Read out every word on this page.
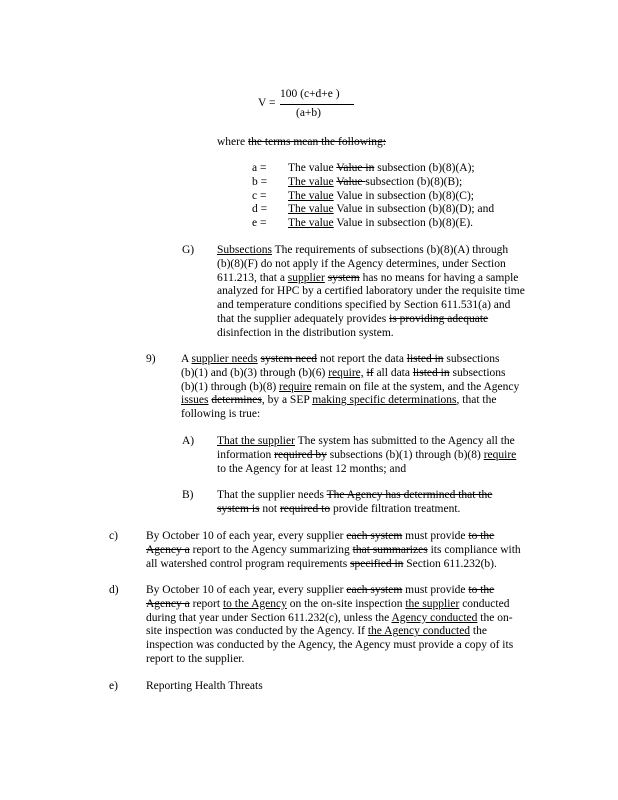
V =
100 (c+d+e )
(a+b)
where the terms mean the following:
a = The value Value in subsection (b)(8)(A);
b = The value Value subsection (b)(8)(B);
c = The value Value in subsection (b)(8)(C);
d = The value Value in subsection (b)(8)(D); and
e = The value Value in subsection (b)(8)(E).
G) Subsections The requirements of subsections (b)(8)(A) through
(b)(8)(F) do not apply if the Agency determines, under Section
611.213, that a supplier system has no means for having a sample
analyzed for HPC by a certified laboratory under the requisite time
and temperature conditions specified by Section 611.531(a) and
that the supplier adequately provides is providing adequate
disinfection in the distribution system.
9) A supplier needs system need not report the data listed in subsections
(b)(1) and (b)(3) through (b)(6) require, if all data listed in subsections
(b)(1) through (b)(8) require remain on file at the system, and the Agency
issues determines, by a SEP making specific determinations, that the
following is true:
A) That the supplier The system has submitted to the Agency all the
information required by subsections (b)(1) through (b)(8) require
to the Agency for at least 12 months; and
B) That the supplier needs The Agency has determined that the
system is not required to provide filtration treatment.
c) By October 10 of each year, every supplier each system must provide to the
Agency a report to the Agency summarizing that summarizes its compliance with
all watershed control program requirements specified in Section 611.232(b).
d) By October 10 of each year, every supplier each system must provide to the
Agency a report to the Agency on the on-site inspection the supplier conducted
during that year under Section 611.232(c), unless the Agency conducted the on-
site inspection was conducted by the Agency. If the Agency conducted the
inspection was conducted by the Agency, the Agency must provide a copy of its
report to the supplier.
e) Reporting Health Threats
